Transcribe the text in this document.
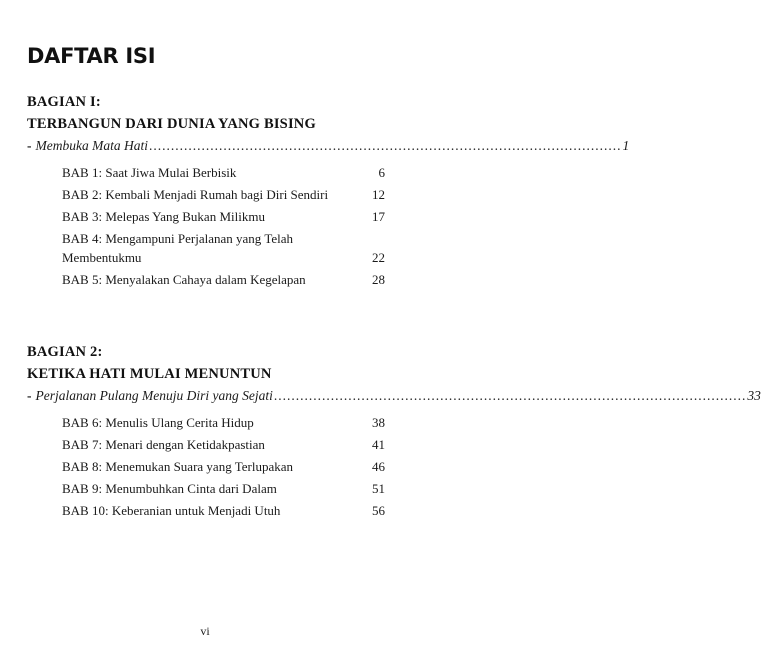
DAFTAR ISI
BAGIAN I:
TERBANGUN DARI DUNIA YANG BISING
- Membuka Mata Hati ............................................................................................................ 1
BAB 1: Saat Jiwa Mulai Berbisik	6
BAB 2: Kembali Menjadi Rumah bagi Diri Sendiri	12
BAB 3: Melepas Yang Bukan Milikmu	17
BAB 4: Mengampuni Perjalanan yang Telah Membentukmu	22
BAB 5: Menyalakan Cahaya dalam Kegelapan	28
BAGIAN 2:
KETIKA HATI MULAI MENUNTUN
- Perjalanan Pulang Menuju Diri yang Sejati ............................................................................................................ 33
BAB 6: Menulis Ulang Cerita Hidup	38
BAB 7: Menari dengan Ketidakpastian	41
BAB 8: Menemukan Suara yang Terlupakan	46
BAB 9: Menumbuhkan Cinta dari Dalam	51
BAB 10: Keberanian untuk Menjadi Utuh	56
vi
